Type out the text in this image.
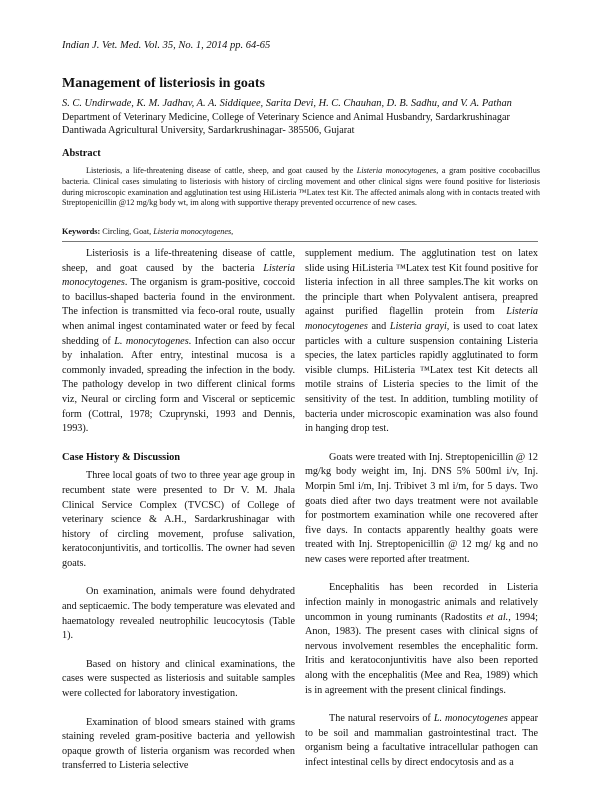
Indian J. Vet. Med. Vol. 35, No. 1, 2014 pp. 64-65
Management of listeriosis in goats
S. C. Undirwade, K. M. Jadhav, A. A. Siddiquee, Sarita Devi, H. C. Chauhan, D. B. Sadhu, and V. A. Pathan
Department of Veterinary Medicine, College of Veterinary Science and Animal Husbandry, Sardarkrushinagar Dantiwada Agricultural University, Sardarkrushinagar- 385506, Gujarat
Abstract
Listeriosis, a life-threatening disease of cattle, sheep, and goat caused by the Listeria monocytogenes, a gram positive cocobacillus bacteria. Clinical cases simulating to listeriosis with history of circling movement and other clinical signs were found positive for listeriosis during microscopic examination and agglutination test using HiListeria ™Latex test Kit. The affected animals along with in contacts treated with Streptopenicillin @12 mg/kg body wt, im along with supportive therapy prevented occurrence of new cases.
Keywords: Circling, Goat, Listeria monocytogenes,

Listeriosis is a life-threatening disease of cattle, sheep, and goat caused by the bacteria Listeria monocytogenes. The organism is gram-positive, coccoid to bacillus-shaped bacteria found in the environment. The infection is transmitted via feco-oral route, usually when animal ingest contaminated water or feed by fecal shedding of L. monocytogenes. Infection can also occur by inhalation. After entry, intestinal mucosa is a commonly invaded, spreading the infection in the body. The pathology develop in two different clinical forms viz, Neural or circling form and Visceral or septicemic form (Cottral, 1978; Czuprynski, 1993 and Dennis, 1993).

Case History & Discussion

Three local goats of two to three year age group in recumbent state were presented to Dr V. M. Jhala Clinical Service Complex (TVCSC) of College of veterinary science & A.H., Sardarkrushinagar with history of circling movement, profuse salivation, keratoconjuntivitis, and torticollis. The owner had seven goats.

On examination, animals were found dehydrated and septicaemic. The body temperature was elevated and haematology revealed neutrophilic leucocytosis (Table 1).

Based on history and clinical examinations, the cases were suspected as listeriosis and suitable samples were collected for laboratory investigation.

Examination of blood smears stained with grams staining reveled gram-positive bacteria and yellowish opaque growth of listeria organism was recorded when transferred to Listeria selective

supplement medium. The agglutination test on latex slide using HiListeria ™Latex test Kit found positive for listeria infection in all three samples.The kit works on the principle thart when Polyvalent antisera, preapred against purified flagellin protein from Listeria monocytogenes and Listeria grayi, is used to coat latex particles with a culture suspension containing Listeria species, the latex particles rapidly agglutinated to form visible clumps. HiListeria ™Latex test Kit detects all motile strains of Listeria species to the limit of the sensitivity of the test. In addition, tumbling motility of bacteria under microscopic examination was also found in hanging drop test.

Goats were treated with Inj. Streptopenicillin @ 12 mg/kg body weight im, Inj. DNS 5% 500ml i/v, Inj. Morpin 5ml i/m, Inj. Tribivet 3 ml i/m, for 5 days. Two goats died after two days treatment were not available for postmortem examination while one recovered after five days. In contacts apparently healthy goats were treated with Inj. Streptopenicillin @ 12 mg/ kg and no new cases were reported after treatment.

Encephalitis has been recorded in Listeria infection mainly in monogastric animals and relatively uncommon in young ruminants (Radostits et al., 1994; Anon, 1983). The present cases with clinical signs of nervous involvement resembles the encephalitic form. Iritis and keratoconjuntivitis have also been reported along with the encephalitis (Mee and Rea, 1989) which is in agreement with the present clinical findings.

The natural reservoirs of L. monocytogenes appear to be soil and mammalian gastrointestinal tract. The organism being a facultative intracellular pathogen can infect intestinal cells by direct endocytosis and as a
